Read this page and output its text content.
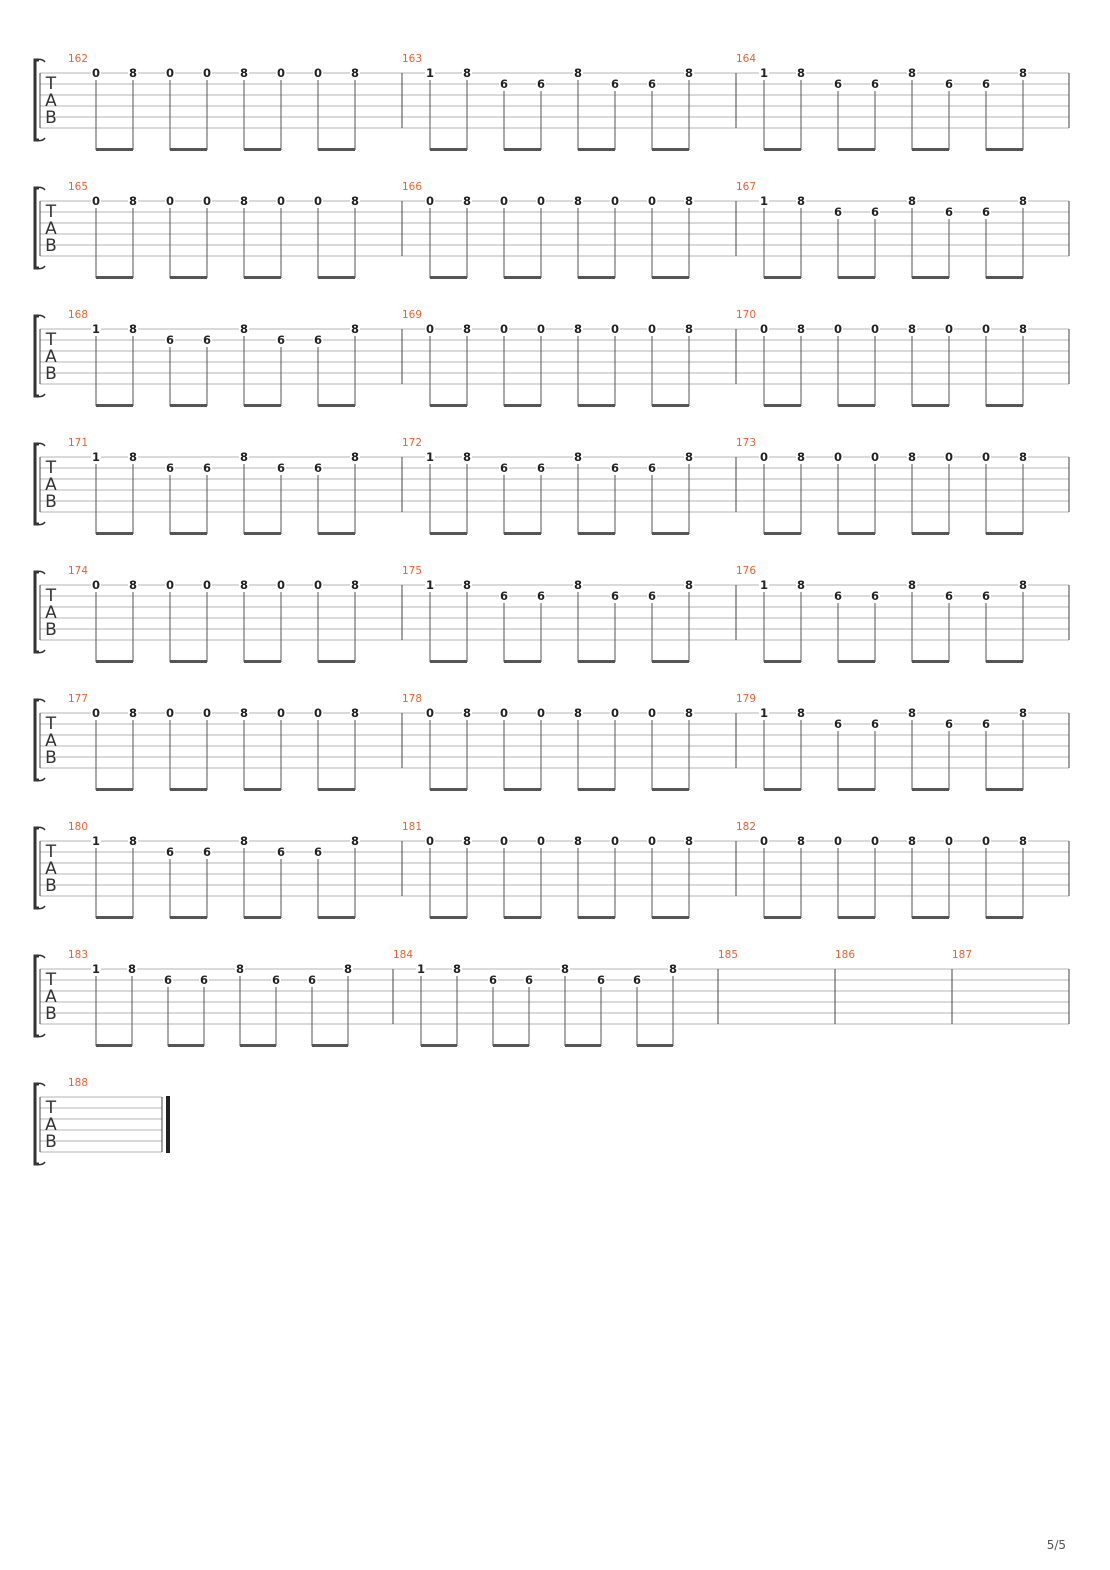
T
A
B
162
0	8	0	0	8	0	0	8
163
1	8
6	6
8
6	6
8
164
1	8
6	6
8
6	6
8
T
A
B
165
0	8	0	0	8	0	0	8
166
0	8	0	0	8	0	0	8
167
1	8
6	6
8
6	6
8
T
A
B
168
1	8
6	6
8
6	6
8
169
0	8	0	0	8	0	0	8
170
0	8	0	0	8	0	0	8
T
A
B
171
1	8
6	6
8
6	6
8
172
1	8
6	6
8
6	6
8
173
0	8	0	0	8	0	0	8
T
A
B
174
0	8	0	0	8	0	0	8
175
1	8
6	6
8
6	6
8
176
1	8
6	6
8
6	6
8
T
A
B
177
0	8	0	0	8	0	0	8
178
0	8	0	0	8	0	0	8
179
1	8
6	6
8
6	6
8
T
A
B
180
1	8
6	6
8
6	6
8
181
0	8	0	0	8	0	0	8
182
0	8	0	0	8	0	0	8
T
A
B
183
1 8
6 6
8
6 6
8
184
1 8
6 6
8
6 6
8
185	186	187
T
A
B
188
5/5
